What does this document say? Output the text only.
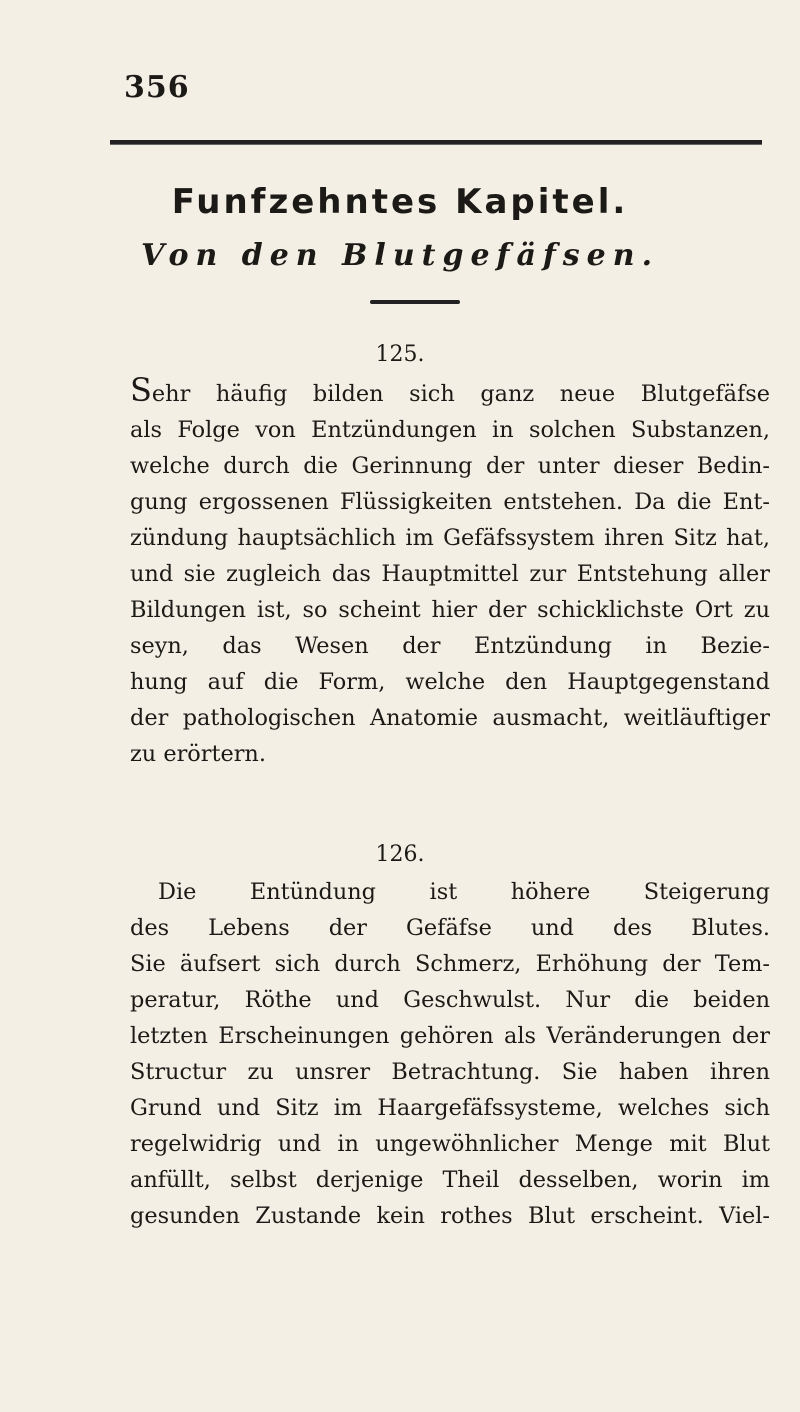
356
Funfzehntes Kapitel.
Von den Blutgefäfsen.
125.
Sehr häufig bilden sich ganz neue Blutgefäfse
als Folge von Entzündungen in solchen Substanzen,
welche durch die Gerinnung der unter dieser Bedin-
gung ergossenen Flüssigkeiten entstehen. Da die Ent-
zündung hauptsächlich im Gefäfssystem ihren Sitz hat,
und sie zugleich das Hauptmittel zur Entstehung aller
Bildungen ist, so scheint hier der schicklichste Ort zu
seyn, das Wesen der Entzündung in Bezie-
hung auf die Form, welche den Hauptgegenstand
der pathologischen Anatomie ausmacht, weitläuftiger
zu erörtern.
126.
Die Entündung ist höhere Steigerung
des Lebens der Gefäfse und des Blutes.
Sie äufsert sich durch Schmerz, Erhöhung der Tem-
peratur, Röthe und Geschwulst. Nur die beiden
letzten Erscheinungen gehören als Veränderungen der
Structur zu unsrer Betrachtung. Sie haben ihren
Grund und Sitz im Haargefäfssysteme, welches sich
regelwidrig und in ungewöhnlicher Menge mit Blut
anfüllt, selbst derjenige Theil desselben, worin im
gesunden Zustande kein rothes Blut erscheint. Viel-
